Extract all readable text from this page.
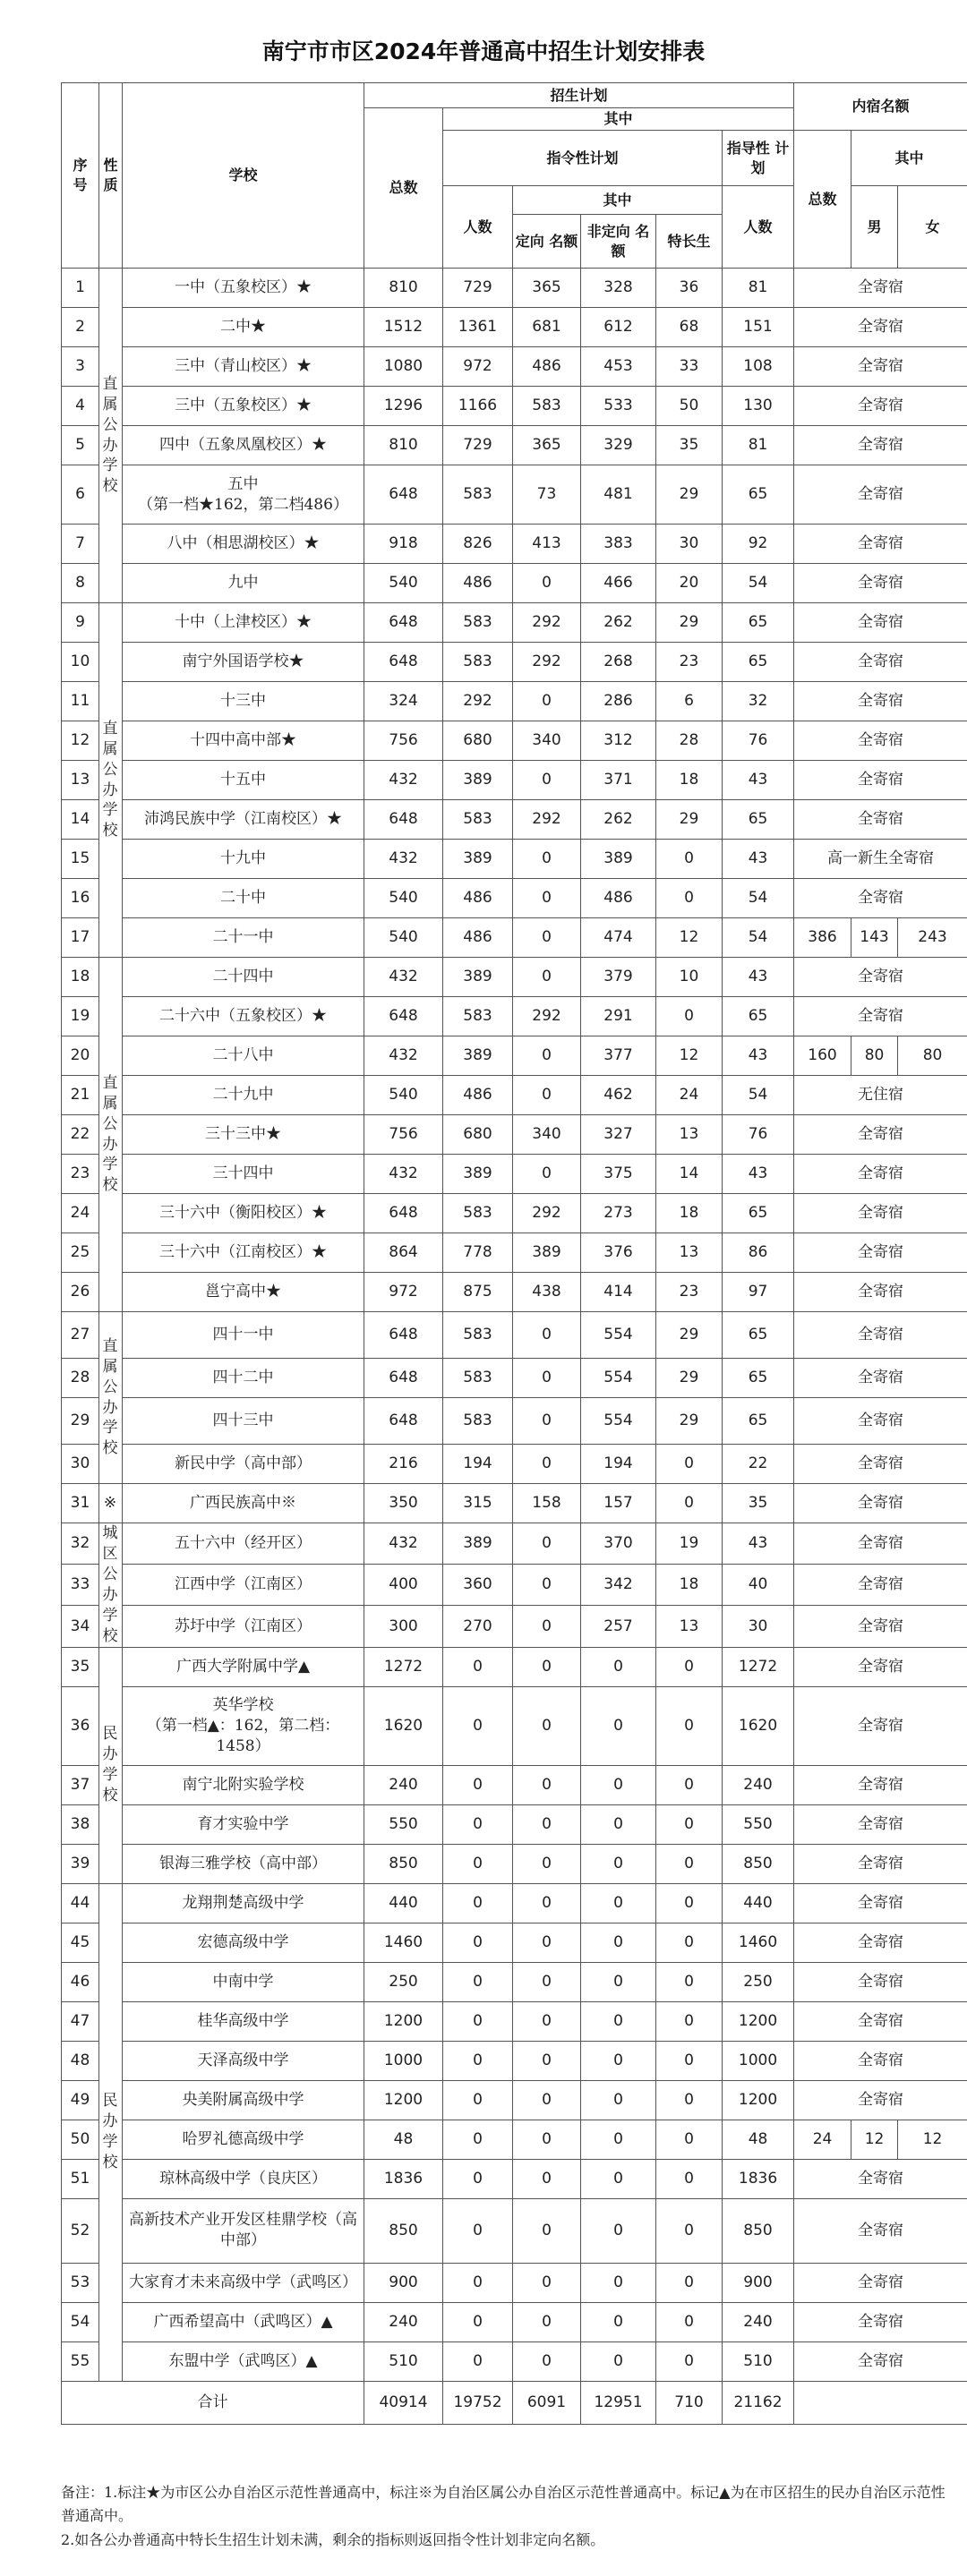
南宁市市区2024年普通高中招生计划安排表
序 号	性 质	学校	招生计划						内宿名额		
			总数	其中							
				指令性计划				指导性 计 划	总数	其中	
				人数	其中			人数		男	女
					定向 名额	非定向 名额	特长生				
1	直属公办学校	一中（五象校区）★	810	729	365	328	36	81	全寄宿		
2		二中★	1512	1361	681	612	68	151	全寄宿		
3		三中（青山校区）★	1080	972	486	453	33	108	全寄宿		
4		三中（五象校区）★	1296	1166	583	533	50	130	全寄宿		
5		四中（五象凤凰校区）★	810	729	365	329	35	81	全寄宿		
6		五中
（第一档★162，第二档486）	648	583	73	481	29	65	全寄宿		
7		八中（相思湖校区）★	918	826	413	383	30	92	全寄宿		
8		九中	540	486	0	466	20	54	全寄宿		
9	直属公办学校	十中（上津校区）★	648	583	292	262	29	65	全寄宿		
10		南宁外国语学校★	648	583	292	268	23	65	全寄宿		
11		十三中	324	292	0	286	6	32	全寄宿		
12		十四中高中部★	756	680	340	312	28	76	全寄宿		
13		十五中	432	389	0	371	18	43	全寄宿		
14		沛鸿民族中学（江南校区）★	648	583	292	262	29	65	全寄宿		
15		十九中	432	389	0	389	0	43	高一新生全寄宿		
16		二十中	540	486	0	486	0	54	全寄宿		
17		二十一中	540	486	0	474	12	54	386	143	243
18	直属公办学校	二十四中	432	389	0	379	10	43	全寄宿		
19		二十六中（五象校区）★	648	583	292	291	0	65	全寄宿		
20		二十八中	432	389	0	377	12	43	160	80	80
21		二十九中	540	486	0	462	24	54	无住宿		
22		三十三中★	756	680	340	327	13	76	全寄宿		
23		三十四中	432	389	0	375	14	43	全寄宿		
24		三十六中（衡阳校区）★	648	583	292	273	18	65	全寄宿		
25		三十六中（江南校区）★	864	778	389	376	13	86	全寄宿		
26		邕宁高中★	972	875	438	414	23	97	全寄宿		
27	直属公办学校	四十一中	648	583	0	554	29	65	全寄宿		
28		四十二中	648	583	0	554	29	65	全寄宿		
29		四十三中	648	583	0	554	29	65	全寄宿		
30		新民中学（高中部）	216	194	0	194	0	22	全寄宿		
31	※	广西民族高中※	350	315	158	157	0	35	全寄宿		
32	城区公办学校	五十六中（经开区）	432	389	0	370	19	43	全寄宿		
33		江西中学（江南区）	400	360	0	342	18	40	全寄宿		
34		苏圩中学（江南区）	300	270	0	257	13	30	全寄宿		
35	民办学校	广西大学附属中学▲	1272	0	0	0	0	1272	全寄宿		
36		英华学校
（第一档▲：162，第二档：
1458）	1620	0	0	0	0	1620	全寄宿		
37		南宁北附实验学校	240	0	0	0	0	240	全寄宿		
38		育才实验中学	550	0	0	0	0	550	全寄宿		
39		银海三雅学校（高中部）	850	0	0	0	0	850	全寄宿		
44	民办学校	龙翔荆楚高级中学	440	0	0	0	0	440	全寄宿		
45		宏德高级中学	1460	0	0	0	0	1460	全寄宿		
46		中南中学	250	0	0	0	0	250	全寄宿		
47		桂华高级中学	1200	0	0	0	0	1200	全寄宿		
48		天泽高级中学	1000	0	0	0	0	1000	全寄宿		
49		央美附属高级中学	1200	0	0	0	0	1200	全寄宿		
50		哈罗礼德高级中学	48	0	0	0	0	48	24	12	12
51		琼林高级中学（良庆区）	1836	0	0	0	0	1836	全寄宿		
52		高新技术产业开发区桂鼎学校（高中部）	850	0	0	0	0	850	全寄宿		
53		大家育才未来高级中学（武鸣区）	900	0	0	0	0	900	全寄宿		
54		广西希望高中（武鸣区）▲	240	0	0	0	0	240	全寄宿		
55		东盟中学（武鸣区）▲	510	0	0	0	0	510	全寄宿		
合计			40914	19752	6091	12951	710	21162			
备注：1.标注★为市区公办自治区示范性普通高中，标注※为自治区属公办自治区示范性普通高中。标记▲为在市区招生的民办自治区示范性普通高中。
2.如各公办普通高中特长生招生计划未满，剩余的指标则返回指令性计划非定向名额。
